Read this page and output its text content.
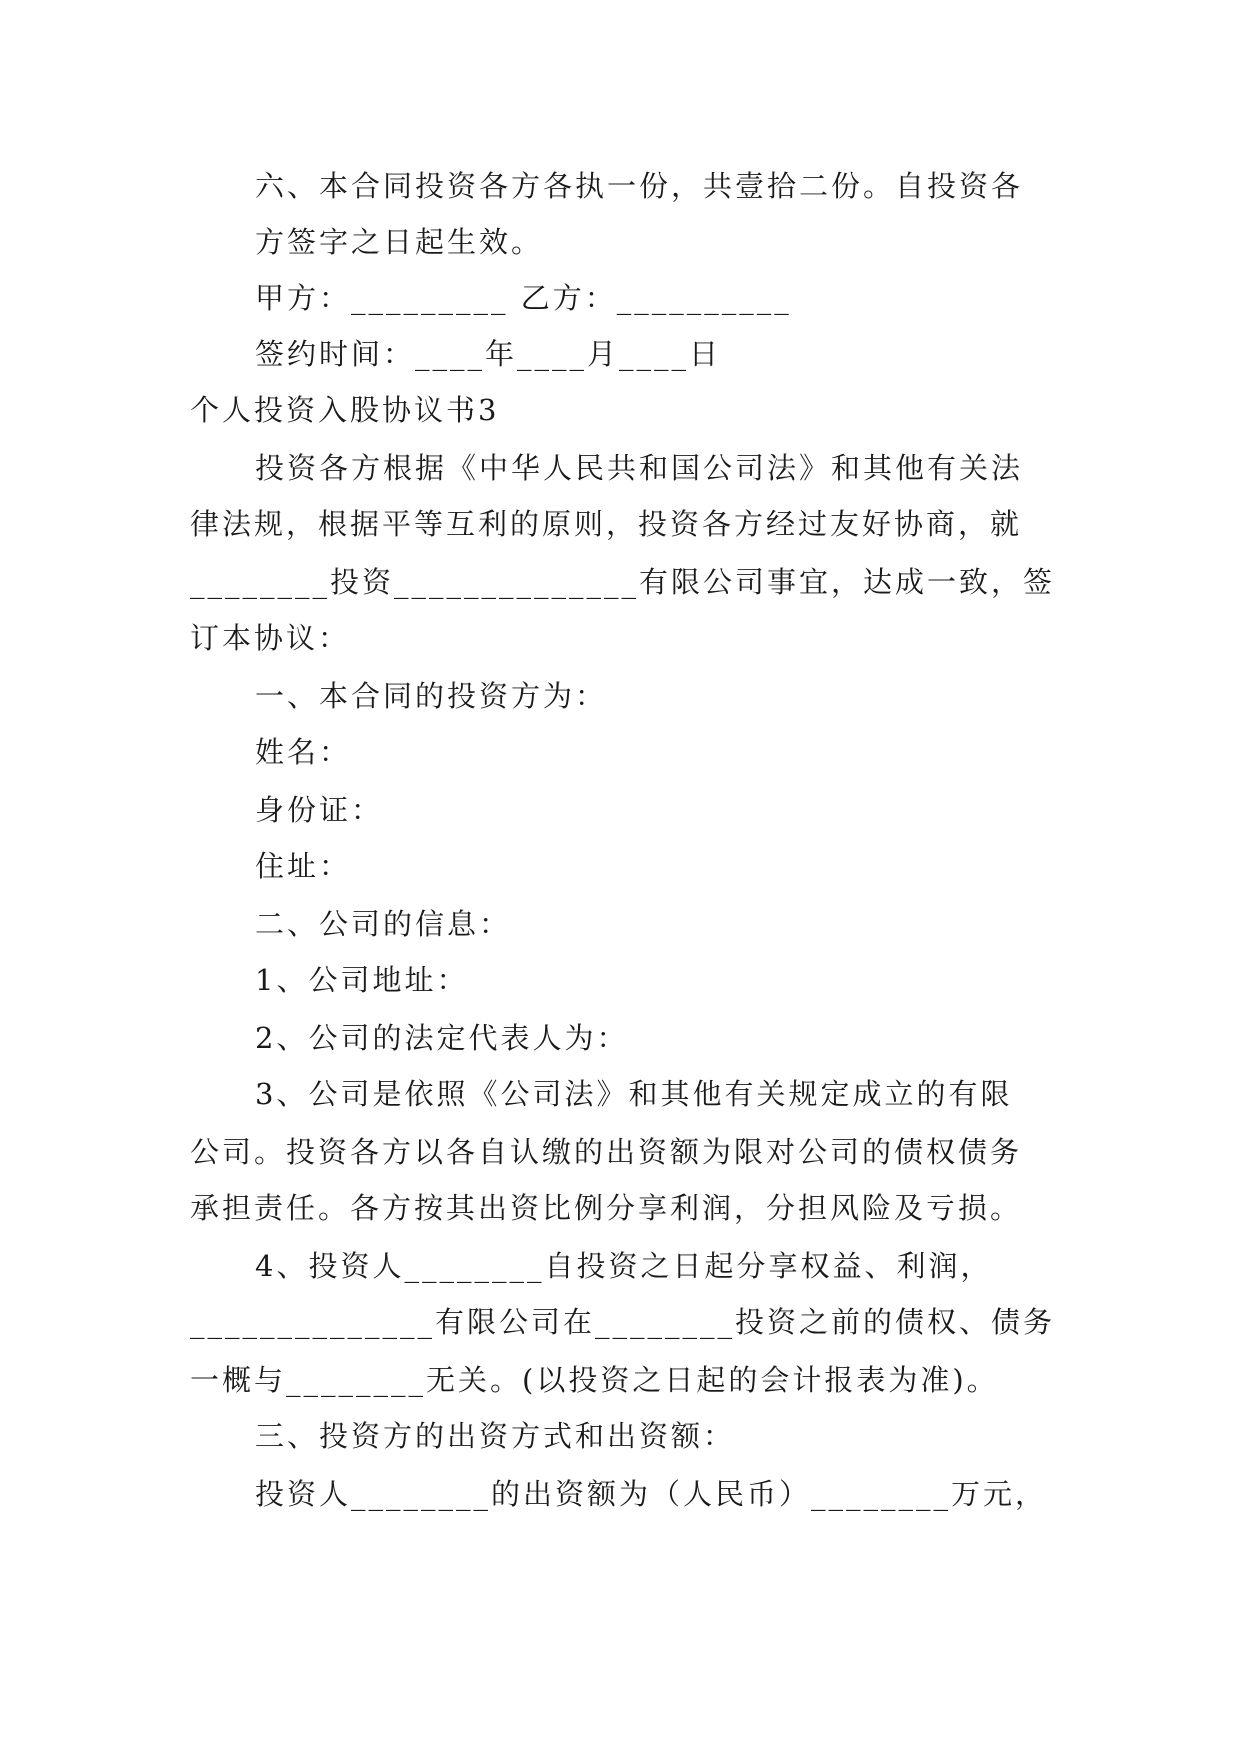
六、本合同投资各方各执一份，共壹拾二份。自投资各
方签字之日起生效。
甲方：_________ 乙方：__________
签约时间：____年____月____日
个人投资入股协议书3
投资各方根据《中华人民共和国公司法》和其他有关法
律法规，根据平等互利的原则，投资各方经过友好协商，就
________投资______________有限公司事宜，达成一致，签
订本协议：
一、本合同的投资方为：
姓名：
身份证：
住址：
二、公司的信息：
1、公司地址：
2、公司的法定代表人为：
3、公司是依照《公司法》和其他有关规定成立的有限
公司。投资各方以各自认缴的出资额为限对公司的债权债务
承担责任。各方按其出资比例分享利润，分担风险及亏损。
4、投资人________自投资之日起分享权益、利润，
______________有限公司在________投资之前的债权、债务
一概与________无关。(以投资之日起的会计报表为准)。
三、投资方的出资方式和出资额：
投资人________的出资额为（人民币）________万元，
